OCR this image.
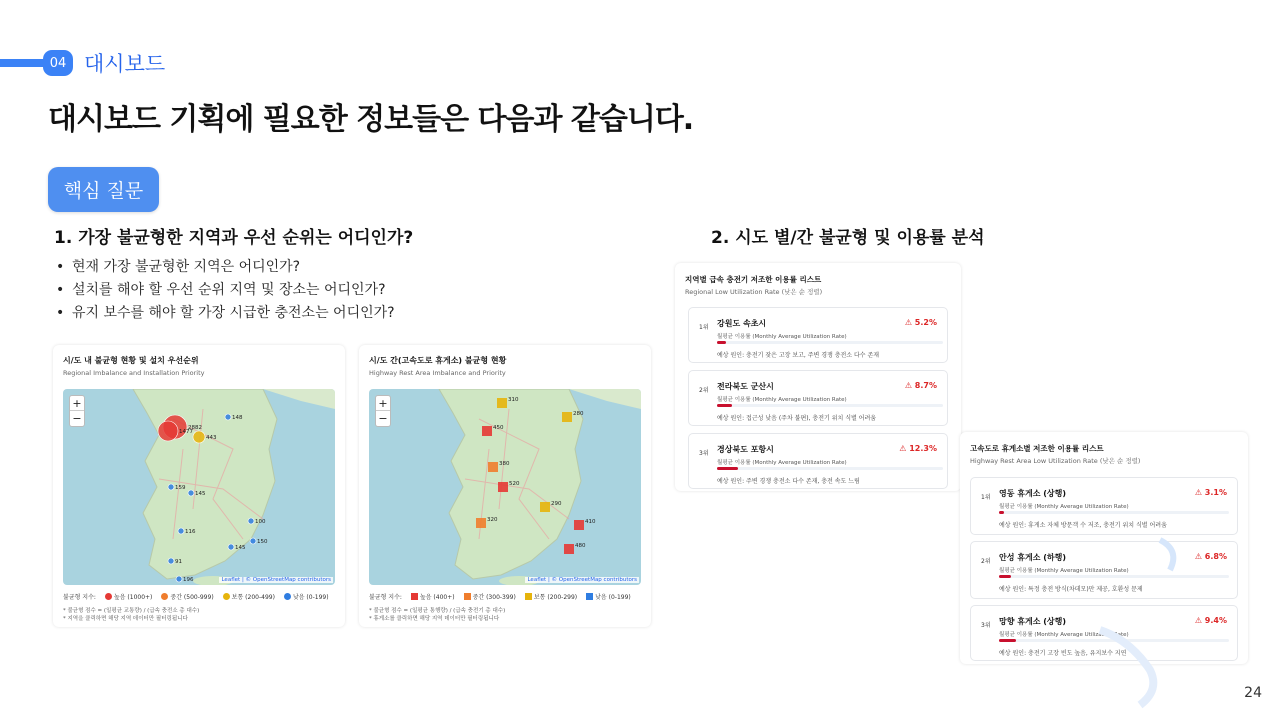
04 대시보드
대시보드 기획에 필요한 정보들은 다음과 같습니다.
핵심 질문
1. 가장 불균형한 지역과 우선 순위는 어디인가?	2. 시도 별/간 불균형 및 이용률 분석
• 현재 가장 불균형한 지역은 어디인가?
• 설치를 해야 할 우선 순위 지역 및 장소는 어디인가?
• 유지 보수를 해야 할 가장 시급한 충전소는 어디인가?
시/도 내 불균형 현황 및 설치 우선순위
Regional Imbalance and Installation Priority
+
−
2882
1477
443
148
159
145
116
100
145
150
91
196	Leaflet | © OpenStreetMap contributors
불균형 지수:	높음 (1000+)	중간 (500-999)	보통 (200-499)	낮음 (0-199)
* 불균형 점수 = (일평균 교통량) / (급속 충전소 총 대수)
* 지역을 클릭하면 해당 지역 데이터만 필터링됩니다
시/도 간(고속도로 휴게소) 불균형 현황
Highway Rest Area Imbalance and Priority
+
−
310
280
450
380
520
290
320	410
480
Leaflet | © OpenStreetMap contributors
불균형 지수:	높음 (400+)	중간 (300-399)	보통 (200-299)	낮음 (0-199)
* 불균형 점수 = (일평균 통행량) / (급속 충전기 총 대수)
* 휴게소를 클릭하면 해당 지역 데이터만 필터링됩니다
지역별 급속 충전기 저조한 이용률 리스트
Regional Low Utilization Rate (낮은 순 정렬)
1위 강원도 속초시	⚠ 5.2%
월평균 이용률 (Monthly Average Utilization Rate)
예상 원인: 충전기 잦은 고장 보고, 주변 경쟁 충전소 다수 존재
2위 전라북도 군산시	⚠ 8.7%
월평균 이용률 (Monthly Average Utilization Rate)
예상 원인: 접근성 낮음 (주차 불편), 충전기 위치 식별 어려움
3위 경상북도 포항시	⚠ 12.3%
월평균 이용률 (Monthly Average Utilization Rate)
예상 원인: 주변 경쟁 충전소 다수 존재, 충전 속도 느림
고속도로 휴게소별 저조한 이용률 리스트
Highway Rest Area Low Utilization Rate (낮은 순 정렬)
1위 영동 휴게소 (상행)	⚠ 3.1%
월평균 이용률 (Monthly Average Utilization Rate)
예상 원인: 휴게소 자체 방문객 수 저조, 충전기 위치 식별 어려움
2위 안성 휴게소 (하행)	⚠ 6.8%
월평균 이용률 (Monthly Average Utilization Rate)
예상 원인: 특정 충전 방식(차데모)만 제공, 호환성 문제
3위 망향 휴게소 (상행)	⚠ 9.4%
월평균 이용률 (Monthly Average Utilization Rate)
예상 원인: 충전기 고장 빈도 높음, 유지보수 지연
24
